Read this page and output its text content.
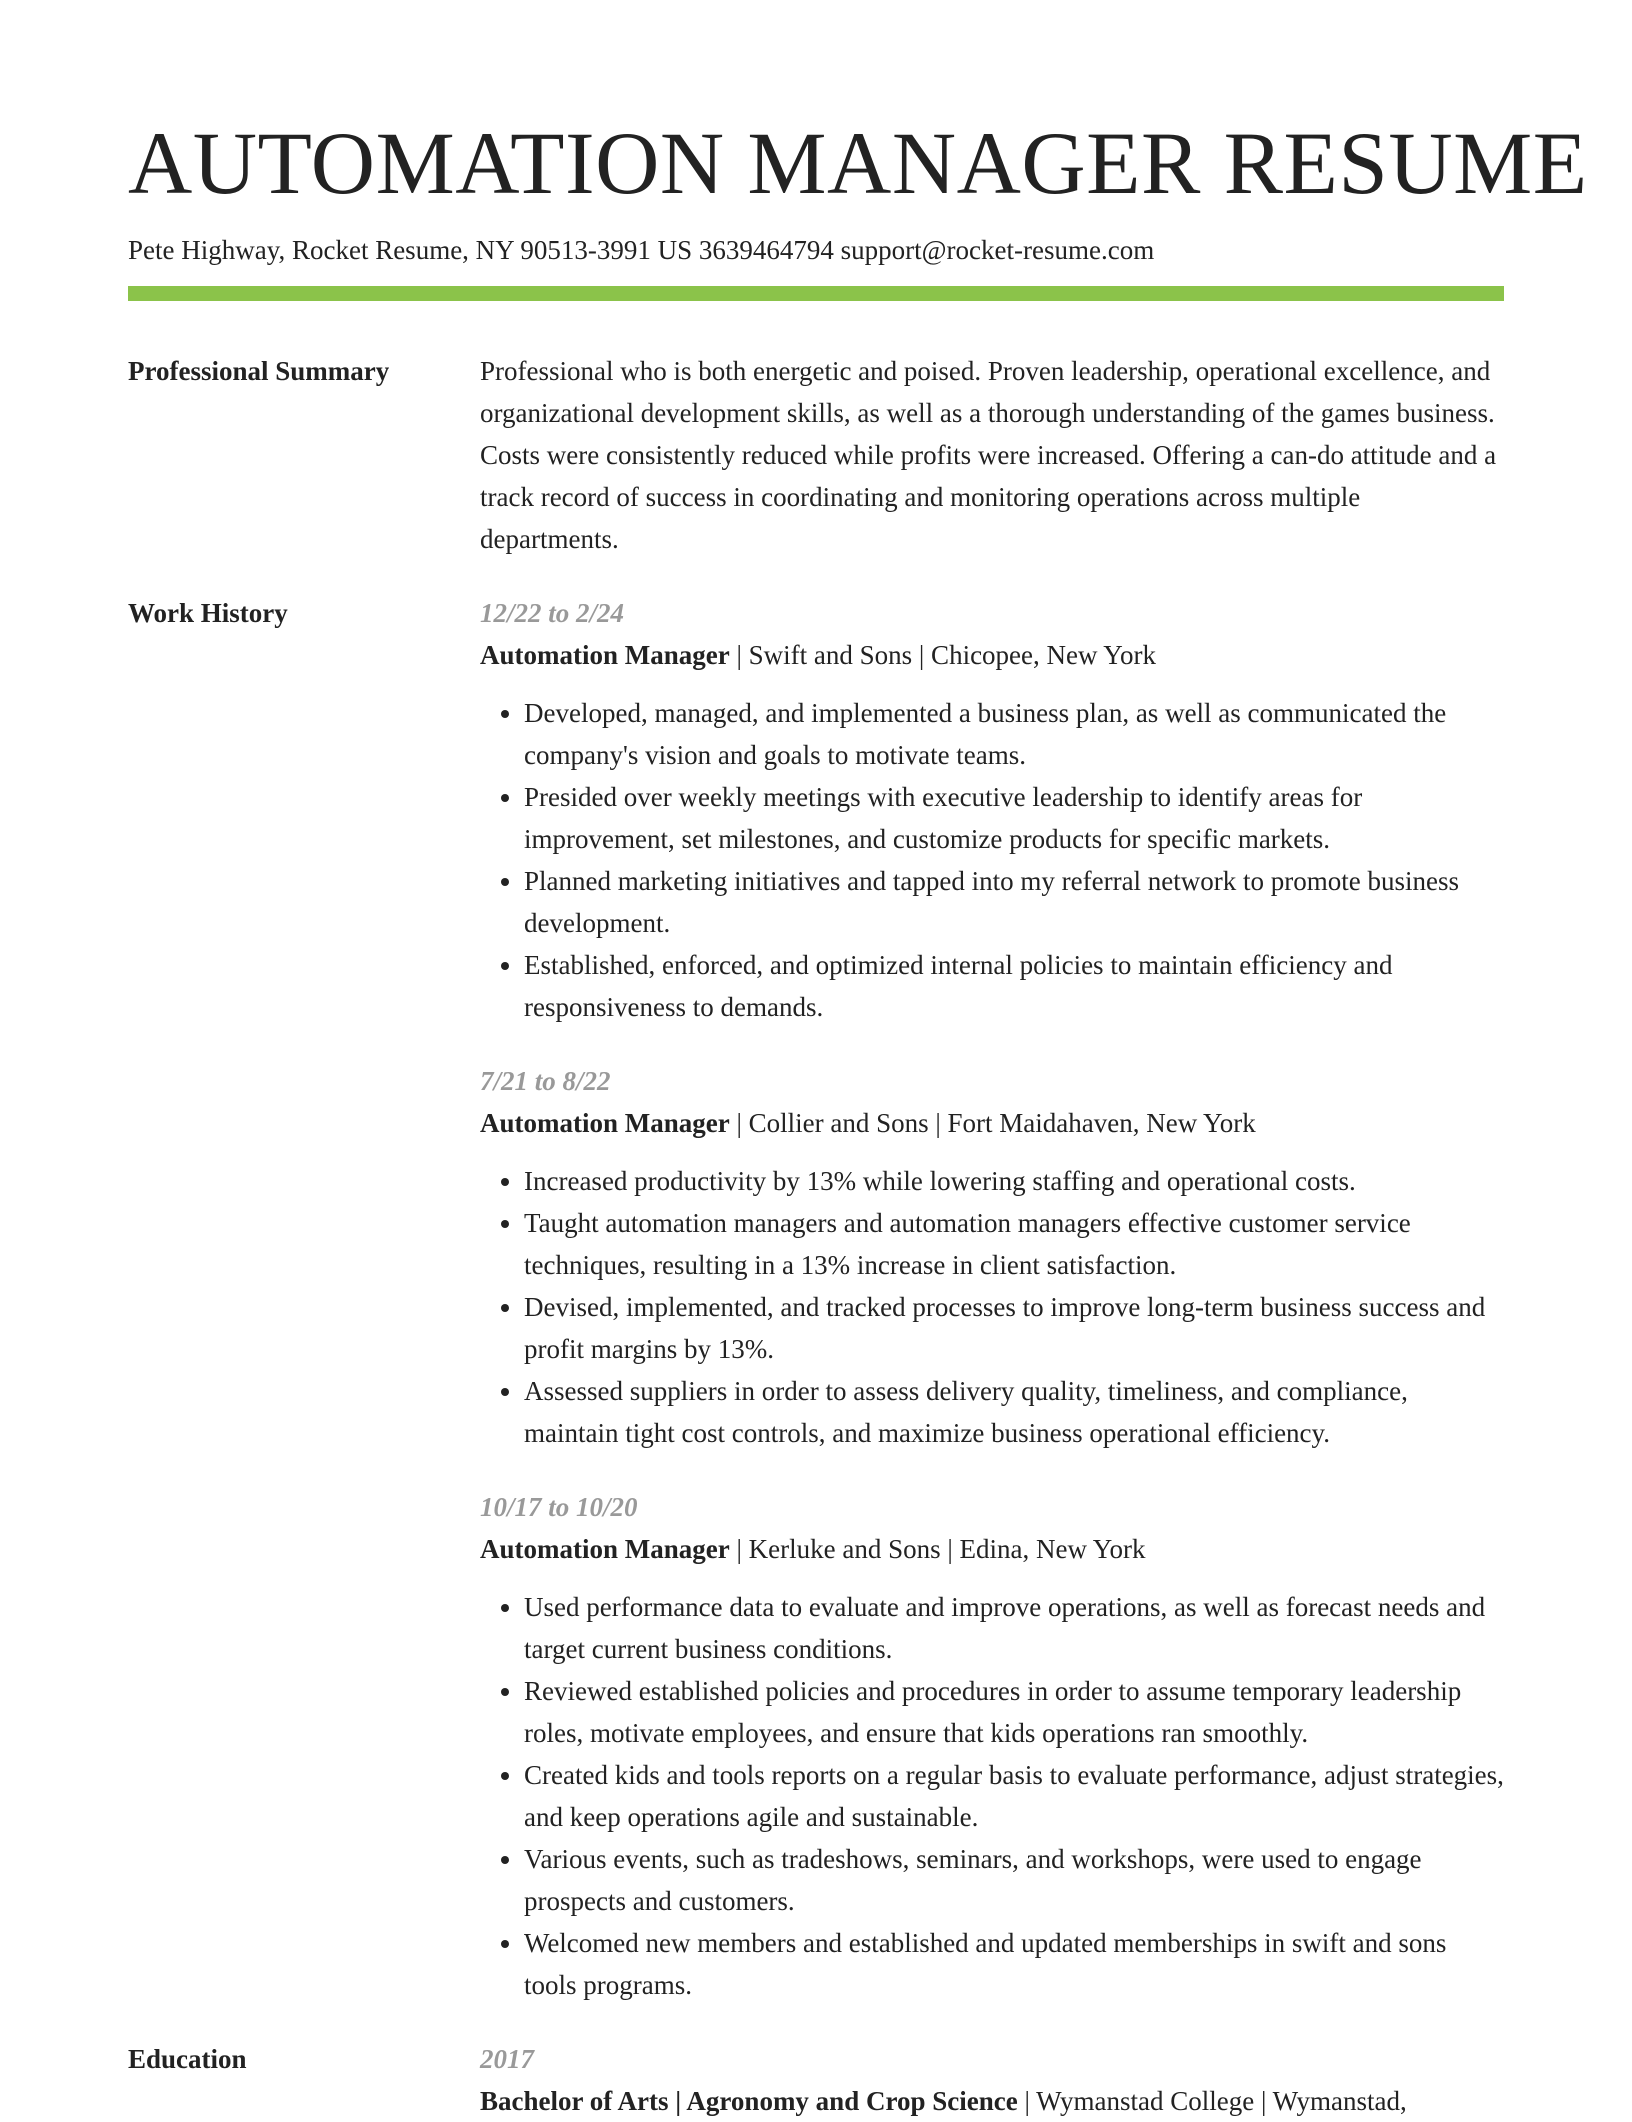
AUTOMATION MANAGER RESUME
Pete Highway, Rocket Resume, NY 90513-3991 US 3639464794 support@rocket-resume.com
Professional Summary	Professional who is both energetic and poised. Proven leadership, operational excellence, and organizational development skills, as well as a thorough understanding of the games business. Costs were consistently reduced while profits were increased. Offering a can-do attitude and a track record of success in coordinating and monitoring operations across multiple departments.

Work History	12/22 to 2/24
Automation Manager | Swift and Sons | Chicopee, New York
• Developed, managed, and implemented a business plan, as well as communicated the company's vision and goals to motivate teams.
• Presided over weekly meetings with executive leadership to identify areas for improvement, set milestones, and customize products for specific markets.
• Planned marketing initiatives and tapped into my referral network to promote business development.
• Established, enforced, and optimized internal policies to maintain efficiency and responsiveness to demands.
7/21 to 8/22
Automation Manager | Collier and Sons | Fort Maidahaven, New York
• Increased productivity by 13% while lowering staffing and operational costs.
• Taught automation managers and automation managers effective customer service techniques, resulting in a 13% increase in client satisfaction.
• Devised, implemented, and tracked processes to improve long-term business success and profit margins by 13%.
• Assessed suppliers in order to assess delivery quality, timeliness, and compliance, maintain tight cost controls, and maximize business operational efficiency.
10/17 to 10/20
Automation Manager | Kerluke and Sons | Edina, New York
• Used performance data to evaluate and improve operations, as well as forecast needs and target current business conditions.
• Reviewed established policies and procedures in order to assume temporary leadership roles, motivate employees, and ensure that kids operations ran smoothly.
• Created kids and tools reports on a regular basis to evaluate performance, adjust strategies, and keep operations agile and sustainable.
• Various events, such as tradeshows, seminars, and workshops, were used to engage prospects and customers.
• Welcomed new members and established and updated memberships in swift and sons tools programs.
Education	2017
Bachelor of Arts | Agronomy and Crop Science | Wymanstad College | Wymanstad,
